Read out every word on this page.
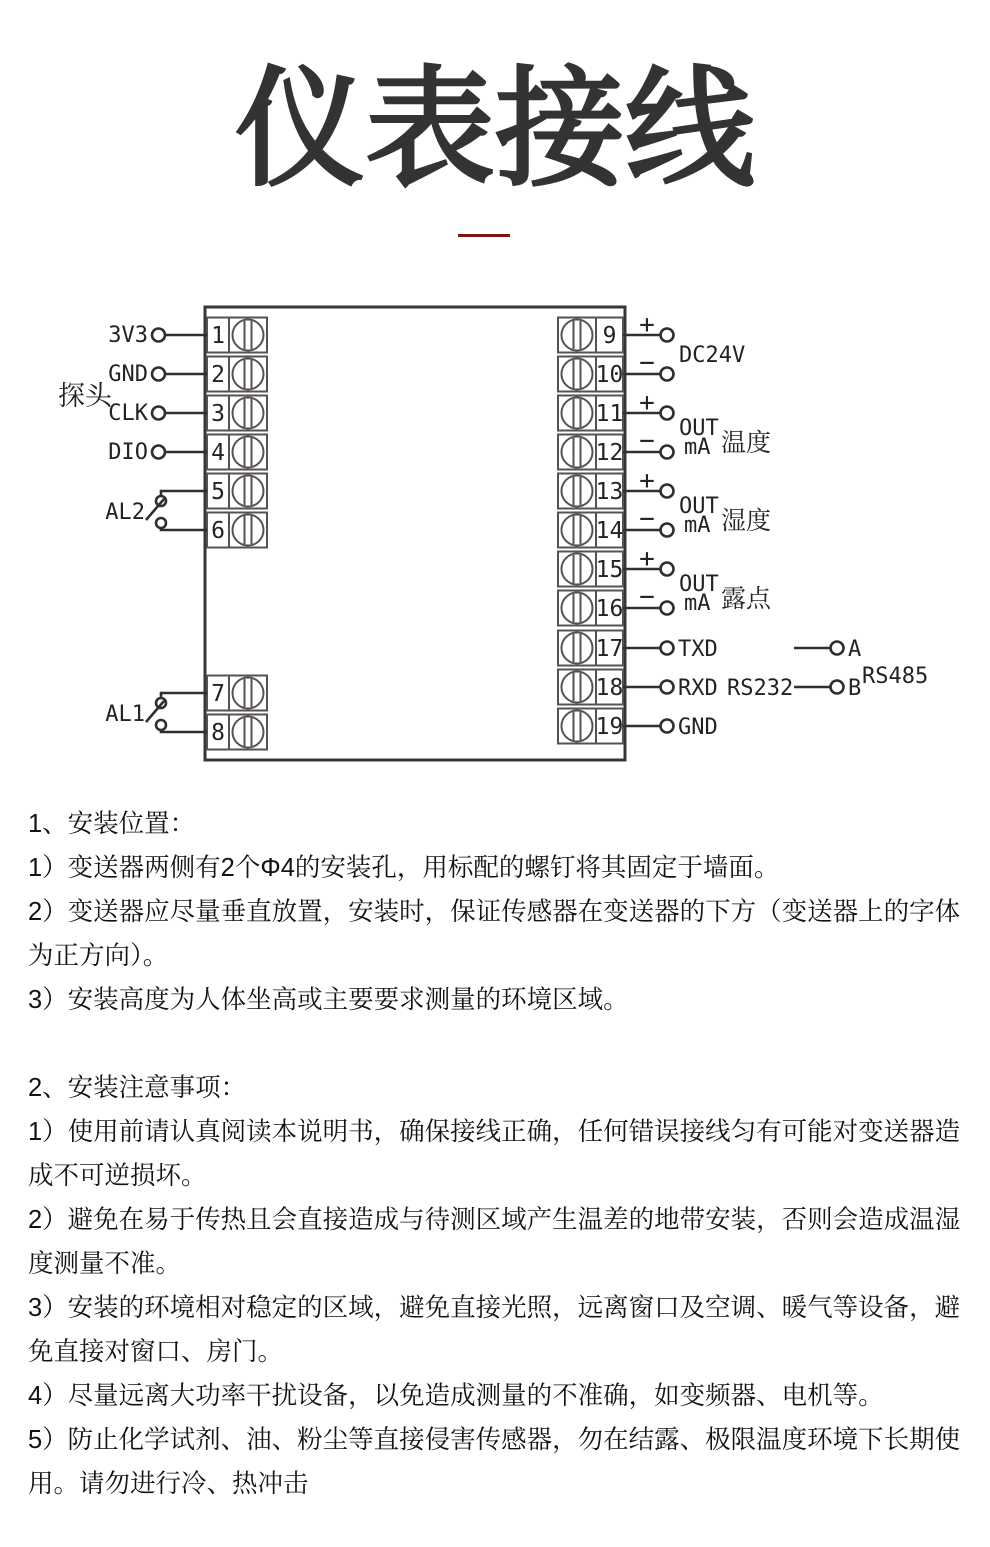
仪表接线
1
2
3
4
5
6
7
8
9
10
11
12
13
14
15
16
17
18
19
探头
3V3
GND
CLK
DIO
AL2
AL1
+
− DC24V
+
− OUT
mA 温度
+
− OUT
mA 湿度
+
− OUT
mA 露点
TXD
RXD RS232
GND
A
B RS485

1、安装位置：

1）变送器两侧有2个Φ4的安装孔，用标配的螺钉将其固定于墙面。

2）变送器应尽量垂直放置，安装时，保证传感器在变送器的下方（变送器上的字体为正方向）。

3）安装高度为人体坐高或主要要求测量的环境区域。

2、安装注意事项：

1）使用前请认真阅读本说明书，确保接线正确，任何错误接线匀有可能对变送器造成不可逆损坏。

2）避免在易于传热且会直接造成与待测区域产生温差的地带安装，否则会造成温湿度测量不准。

3）安装的环境相对稳定的区域，避免直接光照，远离窗口及空调、暖气等设备，避免直接对窗口、房门。

4）尽量远离大功率干扰设备，以免造成测量的不准确，如变频器、电机等。

5）防止化学试剂、油、粉尘等直接侵害传感器，勿在结露、极限温度环境下长期使用。请勿进行冷、热冲击
